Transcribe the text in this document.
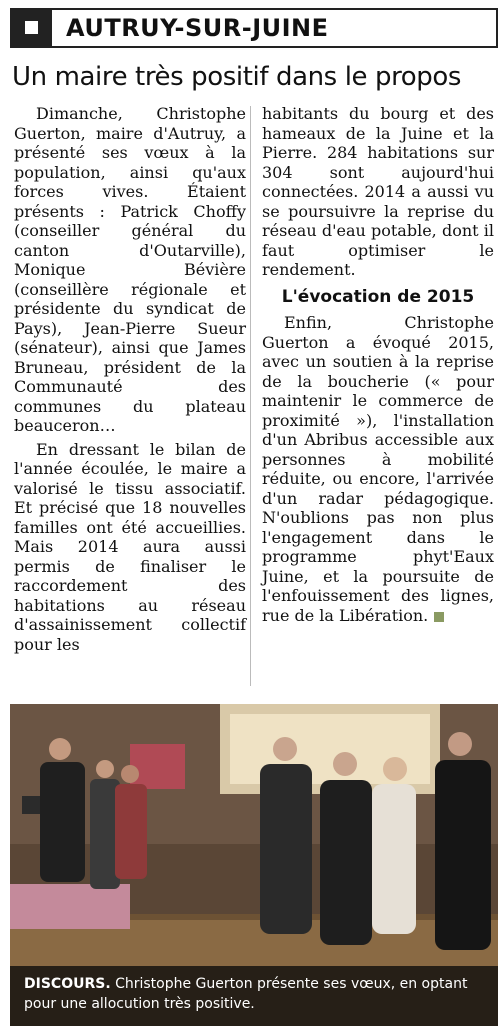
AUTRUY-SUR-JUINE
Un maire très positif dans le propos

Dimanche, Christophe Guerton, maire d'Autruy, a présenté ses vœux à la population, ainsi qu'aux forces vives. Étaient présents : Patrick Choffy (conseiller général du canton d'Outarville), Monique Bévière (conseillère régionale et présidente du syndicat de Pays), Jean-Pierre Sueur (sénateur), ainsi que James Bruneau, président de la Communauté des communes du plateau beauceron…

En dressant le bilan de l'année écoulée, le maire a valorisé le tissu associatif. Et précisé que 18 nouvelles familles ont été accueillies. Mais 2014 aura aussi permis de finaliser le raccordement des habitations au réseau d'assainissement collectif pour les

habitants du bourg et des hameaux de la Juine et la Pierre. 284 habitations sur 304 sont aujourd'hui connectées. 2014 a aussi vu se poursuivre la reprise du réseau d'eau potable, dont il faut optimiser le rendement.

L'évocation de 2015

Enfin, Christophe Guerton a évoqué 2015, avec un soutien à la reprise de la boucherie (« pour maintenir le commerce de proximité »), l'installation d'un Abribus accessible aux personnes à mobilité réduite, ou encore, l'arrivée d'un radar pédagogique. N'oublions pas non plus l'engagement dans le programme phyt'Eaux Juine, et la poursuite de l'enfouissement des lignes, rue de la Libération.

DISCOURS. Christophe Guerton présente ses vœux, en optant pour une allocution très positive.
